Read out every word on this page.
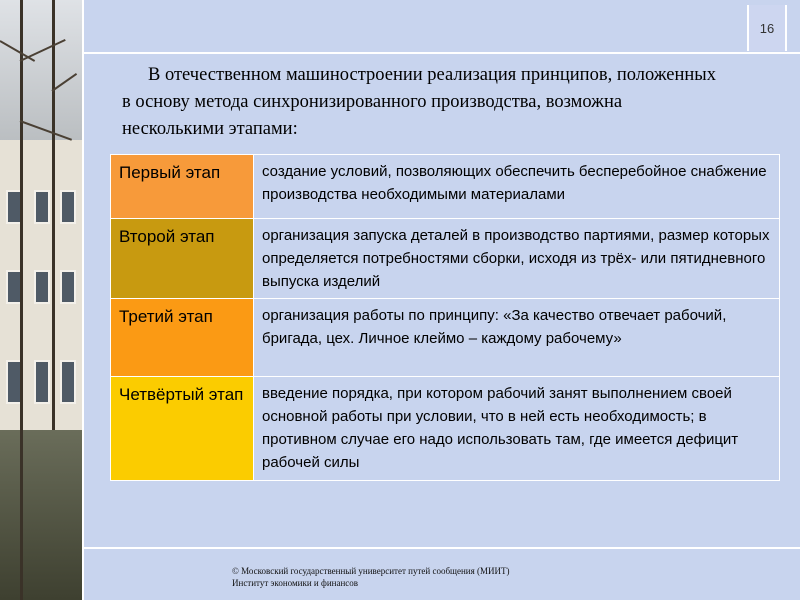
16

В отечественном машиностроении реализация принципов, положенных в основу метода синхронизированного производства, возможна несколькими этапами:

Первый этап	создание условий, позволяющих обеспечить бесперебойное снабжение производства необходимыми материалами
Второй этап	организация запуска деталей в производство партиями, размер которых определяется потребностями сборки, исходя из трёх- или пятидневного выпуска изделий
Третий этап	организация работы по принципу: «За качество отвечает рабочий, бригада, цех. Личное клеймо – каждому рабочему»
Четвёртый этап	введение порядка, при котором рабочий занят выполнением своей основной работы при условии, что в ней есть необходимость; в противном случае его надо использовать там, где имеется дефицит рабочей силы
© Московский государственный университет путей сообщения (МИИТ)
Институт экономики и финансов
